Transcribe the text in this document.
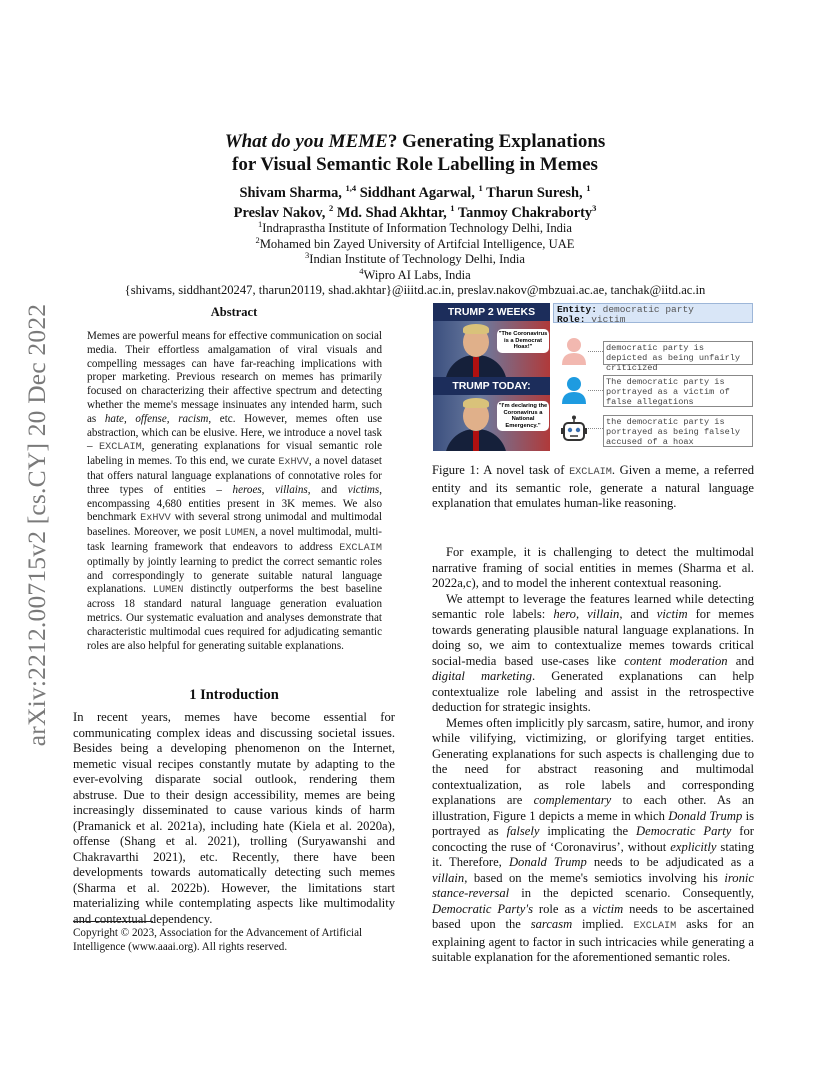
arXiv:2212.00715v2 [cs.CY] 20 Dec 2022
What do you MEME? Generating Explanations
for Visual Semantic Role Labelling in Memes
Shivam Sharma, $^{1,4}$ Siddhant Agarwal, $^1$ Tharun Suresh, $^1$
Preslav Nakov, $^2$ Md. Shad Akhtar, $^1$ Tanmoy Chakraborty$^3$
$^1$Indraprastha Institute of Information Technology Delhi, India
$^2$Mohamed bin Zayed University of Artifcial Intelligence, UAE
$^3$Indian Institute of Technology Delhi, India
$^4$Wipro AI Labs, India
{shivams, siddhant20247, tharun20119, shad.akhtar}@iiitd.ac.in, preslav.nakov@mbzuai.ac.ae, tanchak@iitd.ac.in
Abstract
Memes are powerful means for effective communication on social media. Their effortless amalgamation of viral visuals and compelling messages can have far-reaching implications with proper marketing. Previous research on memes has primarily focused on characterizing their affective spectrum and detecting whether the meme's message insinuates any intended harm, such as hate, offense, racism, etc. However, memes often use abstraction, which can be elusive. Here, we introduce a novel task – EXCLAIM, generating explanations for visual semantic role labeling in memes. To this end, we curate ExHVV, a novel dataset that offers natural language explanations of connotative roles for three types of entities – heroes, villains, and victims, encompassing 4,680 entities present in 3K memes. We also benchmark ExHVV with several strong unimodal and multimodal baselines. Moreover, we posit LUMEN, a novel multimodal, multi-task learning framework that endeavors to address EXCLAIM optimally by jointly learning to predict the correct semantic roles and correspondingly to generate suitable natural language explanations. LUMEN distinctly outperforms the best baseline across 18 standard natural language generation evaluation metrics. Our systematic evaluation and analyses demonstrate that characteristic multimodal cues required for adjudicating semantic roles are also helpful for generating suitable explanations.
1 Introduction
In recent years, memes have become essential for communicating complex ideas and discussing societal issues. Besides being a developing phenomenon on the Internet, memetic visual recipes constantly mutate by adapting to the ever-evolving disparate social outlook, rendering them abstruse. Due to their design accessibility, memes are being increasingly disseminated to cause various kinds of harm (Pramanick et al. 2021a), including hate (Kiela et al. 2020a), offense (Shang et al. 2021), trolling (Suryawanshi and Chakravarthi 2021), etc. Recently, there have been developments towards automatically detecting such memes (Sharma et al. 2022b). However, the limitations start materializing while contemplating aspects like multimodality and contextual dependency.
Copyright © 2023, Association for the Advancement of Artificial Intelligence (www.aaai.org). All rights reserved.
TRUMP 2 WEEKS
"The Coronavirus is a Democrat Hoax!"
TRUMP TODAY:
"I'm declaring the Coronavirus a National Emergency."
Entity: democratic party
Role: victim
democratic party is depicted as being unfairly criticized
The democratic party is portrayed as a victim of false allegations
the democratic party is portrayed as being falsely accused of a hoax
Figure 1: A novel task of EXCLAIM. Given a meme, a referred entity and its semantic role, generate a natural language explanation that emulates human-like reasoning.

For example, it is challenging to detect the multimodal narrative framing of social entities in memes (Sharma et al. 2022a,c), and to model the inherent contextual reasoning.

We attempt to leverage the features learned while detecting semantic role labels: hero, villain, and victim for memes towards generating plausible natural language explanations. In doing so, we aim to contextualize memes towards critical social-media based use-cases like content moderation and digital marketing. Generated explanations can help contextualize role labeling and assist in the retrospective deduction for strategic insights.

Memes often implicitly ply sarcasm, satire, humor, and irony while vilifying, victimizing, or glorifying target entities. Generating explanations for such aspects is challenging due to the need for abstract reasoning and multimodal contextualization, as role labels and corresponding explanations are complementary to each other. As an illustration, Figure 1 depicts a meme in which Donald Trump is portrayed as falsely implicating the Democratic Party for concocting the ruse of ‘Coronavirus’, without explicitly stating it. Therefore, Donald Trump needs to be adjudicated as a villain, based on the meme's semiotics involving his ironic stance-reversal in the depicted scenario. Consequently, Democratic Party's role as a victim needs to be ascertained based upon the sarcasm implied. EXCLAIM asks for an explaining agent to factor in such intricacies while generating a suitable explanation for the aforementioned semantic roles.
